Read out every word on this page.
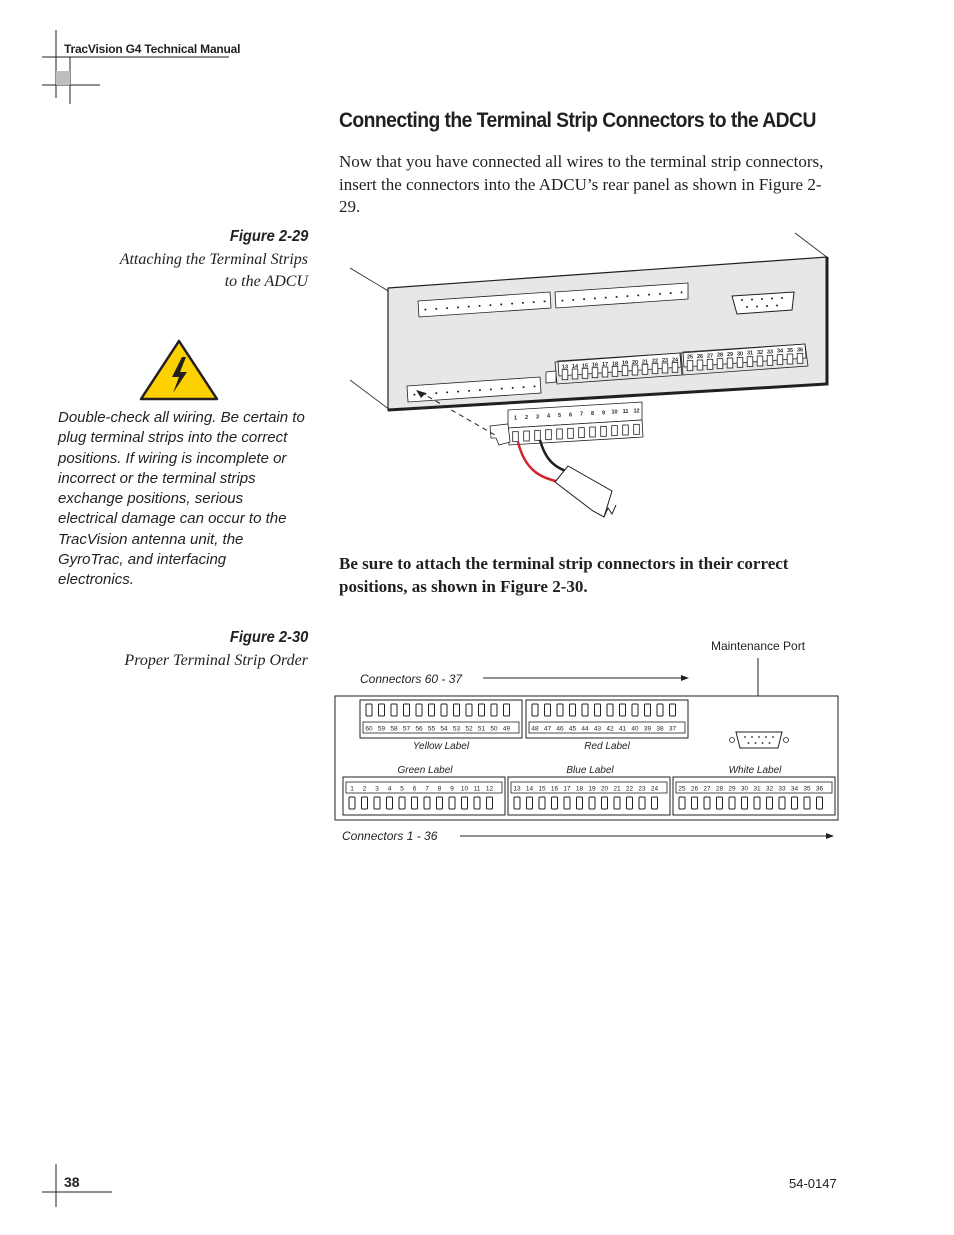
TracVision G4 Technical Manual
Connecting the Terminal Strip Connectors to the ADCU
Now that you have connected all wires to the terminal strip connectors, insert the connectors into the ADCU’s rear panel as shown in Figure 2-29.
Figure 2-29
Attaching the Terminal Strips
to the ADCU
Double-check all wiring. Be certain to plug terminal strips into the correct positions. If wiring is incomplete or incorrect or the terminal strips exchange positions, serious electrical damage can occur to the TracVision antenna unit, the GyroTrac, and interfacing electronics.
13 14 15 16 17 18 19 20 21 22 23 24 25 26 27 28 29 30 31 32 33 34 35 36
1 2 3 4 5 6 7 8 9 10 11 12
Be sure to attach the terminal strip connectors in their correct positions, as shown in Figure 2-30.
Figure 2-30
Proper Terminal Strip Order
Maintenance Port
Connectors 60 - 37
60 59 58 57 56 55 54 53 52 51 50 49	48 47 46 45 44 43 42 41 40 39 38 37
1 2 3 4 5 6 7 8 9 10 11 12	13 14 15 16 17 18 19 20 21 22 23 24	25 26 27 28 29 30 31 32 33 34 35 36
Yellow Label	Red Label
Green Label	Blue Label	White Label
Connectors 1 - 36
38	54-0147
